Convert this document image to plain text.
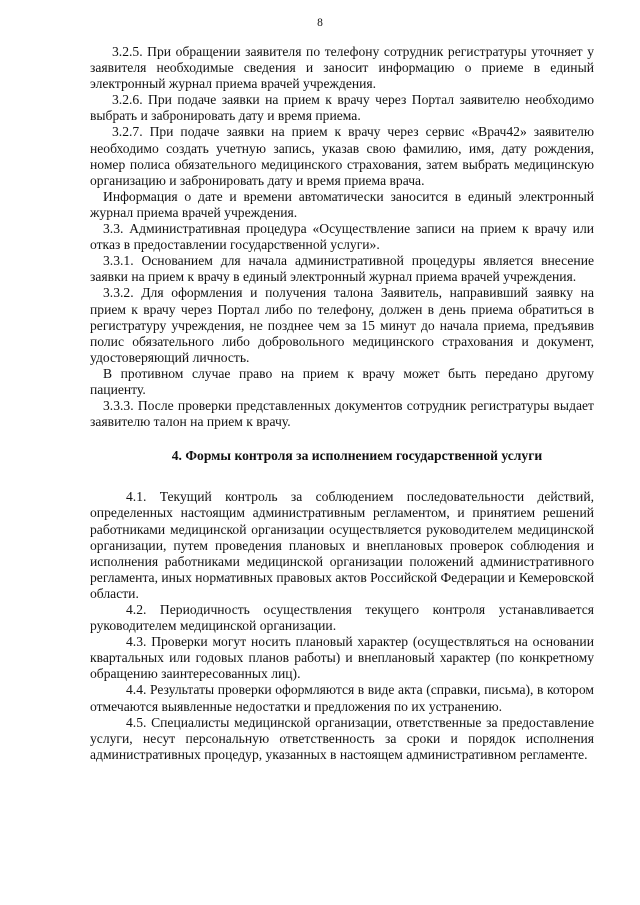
8

3.2.5. При обращении заявителя по телефону сотрудник регистратуры уточняет у заявителя необходимые сведения и заносит информацию о приеме в единый электронный журнал приема врачей учреждения.

3.2.6. При подаче заявки на прием к врачу через Портал заявителю необходимо выбрать и забронировать дату и время приема.

3.2.7. При подаче заявки на прием к врачу через сервис «Врач42» заявителю необходимо создать учетную запись, указав свою фамилию, имя, дату рождения, номер полиса обязательного медицинского страхования, затем выбрать медицинскую организацию и забронировать дату и время приема врача.

Информация о дате и времени автоматически заносится в единый электронный журнал приема врачей учреждения.

3.3. Административная процедура «Осуществление записи на прием к врачу или отказ в предоставлении государственной услуги».

3.3.1. Основанием для начала административной процедуры является внесение заявки на прием к врачу в единый электронный журнал приема врачей учреждения.

3.3.2. Для оформления и получения талона Заявитель, направивший заявку на прием к врачу через Портал либо по телефону, должен в день приема обратиться в регистратуру учреждения, не позднее чем за 15 минут до начала приема, предъявив полис обязательного либо добровольного медицинского страхования и документ, удостоверяющий личность.

В противном случае право на прием к врачу может быть передано другому пациенту.

3.3.3. После проверки представленных документов сотрудник регистратуры выдает заявителю талон на прием к врачу.

4. Формы контроля за исполнением государственной услуги

4.1. Текущий контроль за соблюдением последовательности действий, определенных настоящим административным регламентом, и принятием решений работниками медицинской организации осуществляется руководителем медицинской организации, путем проведения плановых и внеплановых проверок соблюдения и исполнения работниками медицинской организации положений административного регламента, иных нормативных правовых актов Российской Федерации и Кемеровской области.

4.2. Периодичность осуществления текущего контроля устанавливается руководителем медицинской организации.

4.3. Проверки могут носить плановый характер (осуществляться на основании квартальных или годовых планов работы) и внеплановый характер (по конкретному обращению заинтересованных лиц).

4.4. Результаты проверки оформляются в виде акта (справки, письма), в котором отмечаются выявленные недостатки и предложения по их устранению.

4.5. Специалисты медицинской организации, ответственные за предоставление услуги, несут персональную ответственность за сроки и порядок исполнения административных процедур, указанных в настоящем административном регламенте.
